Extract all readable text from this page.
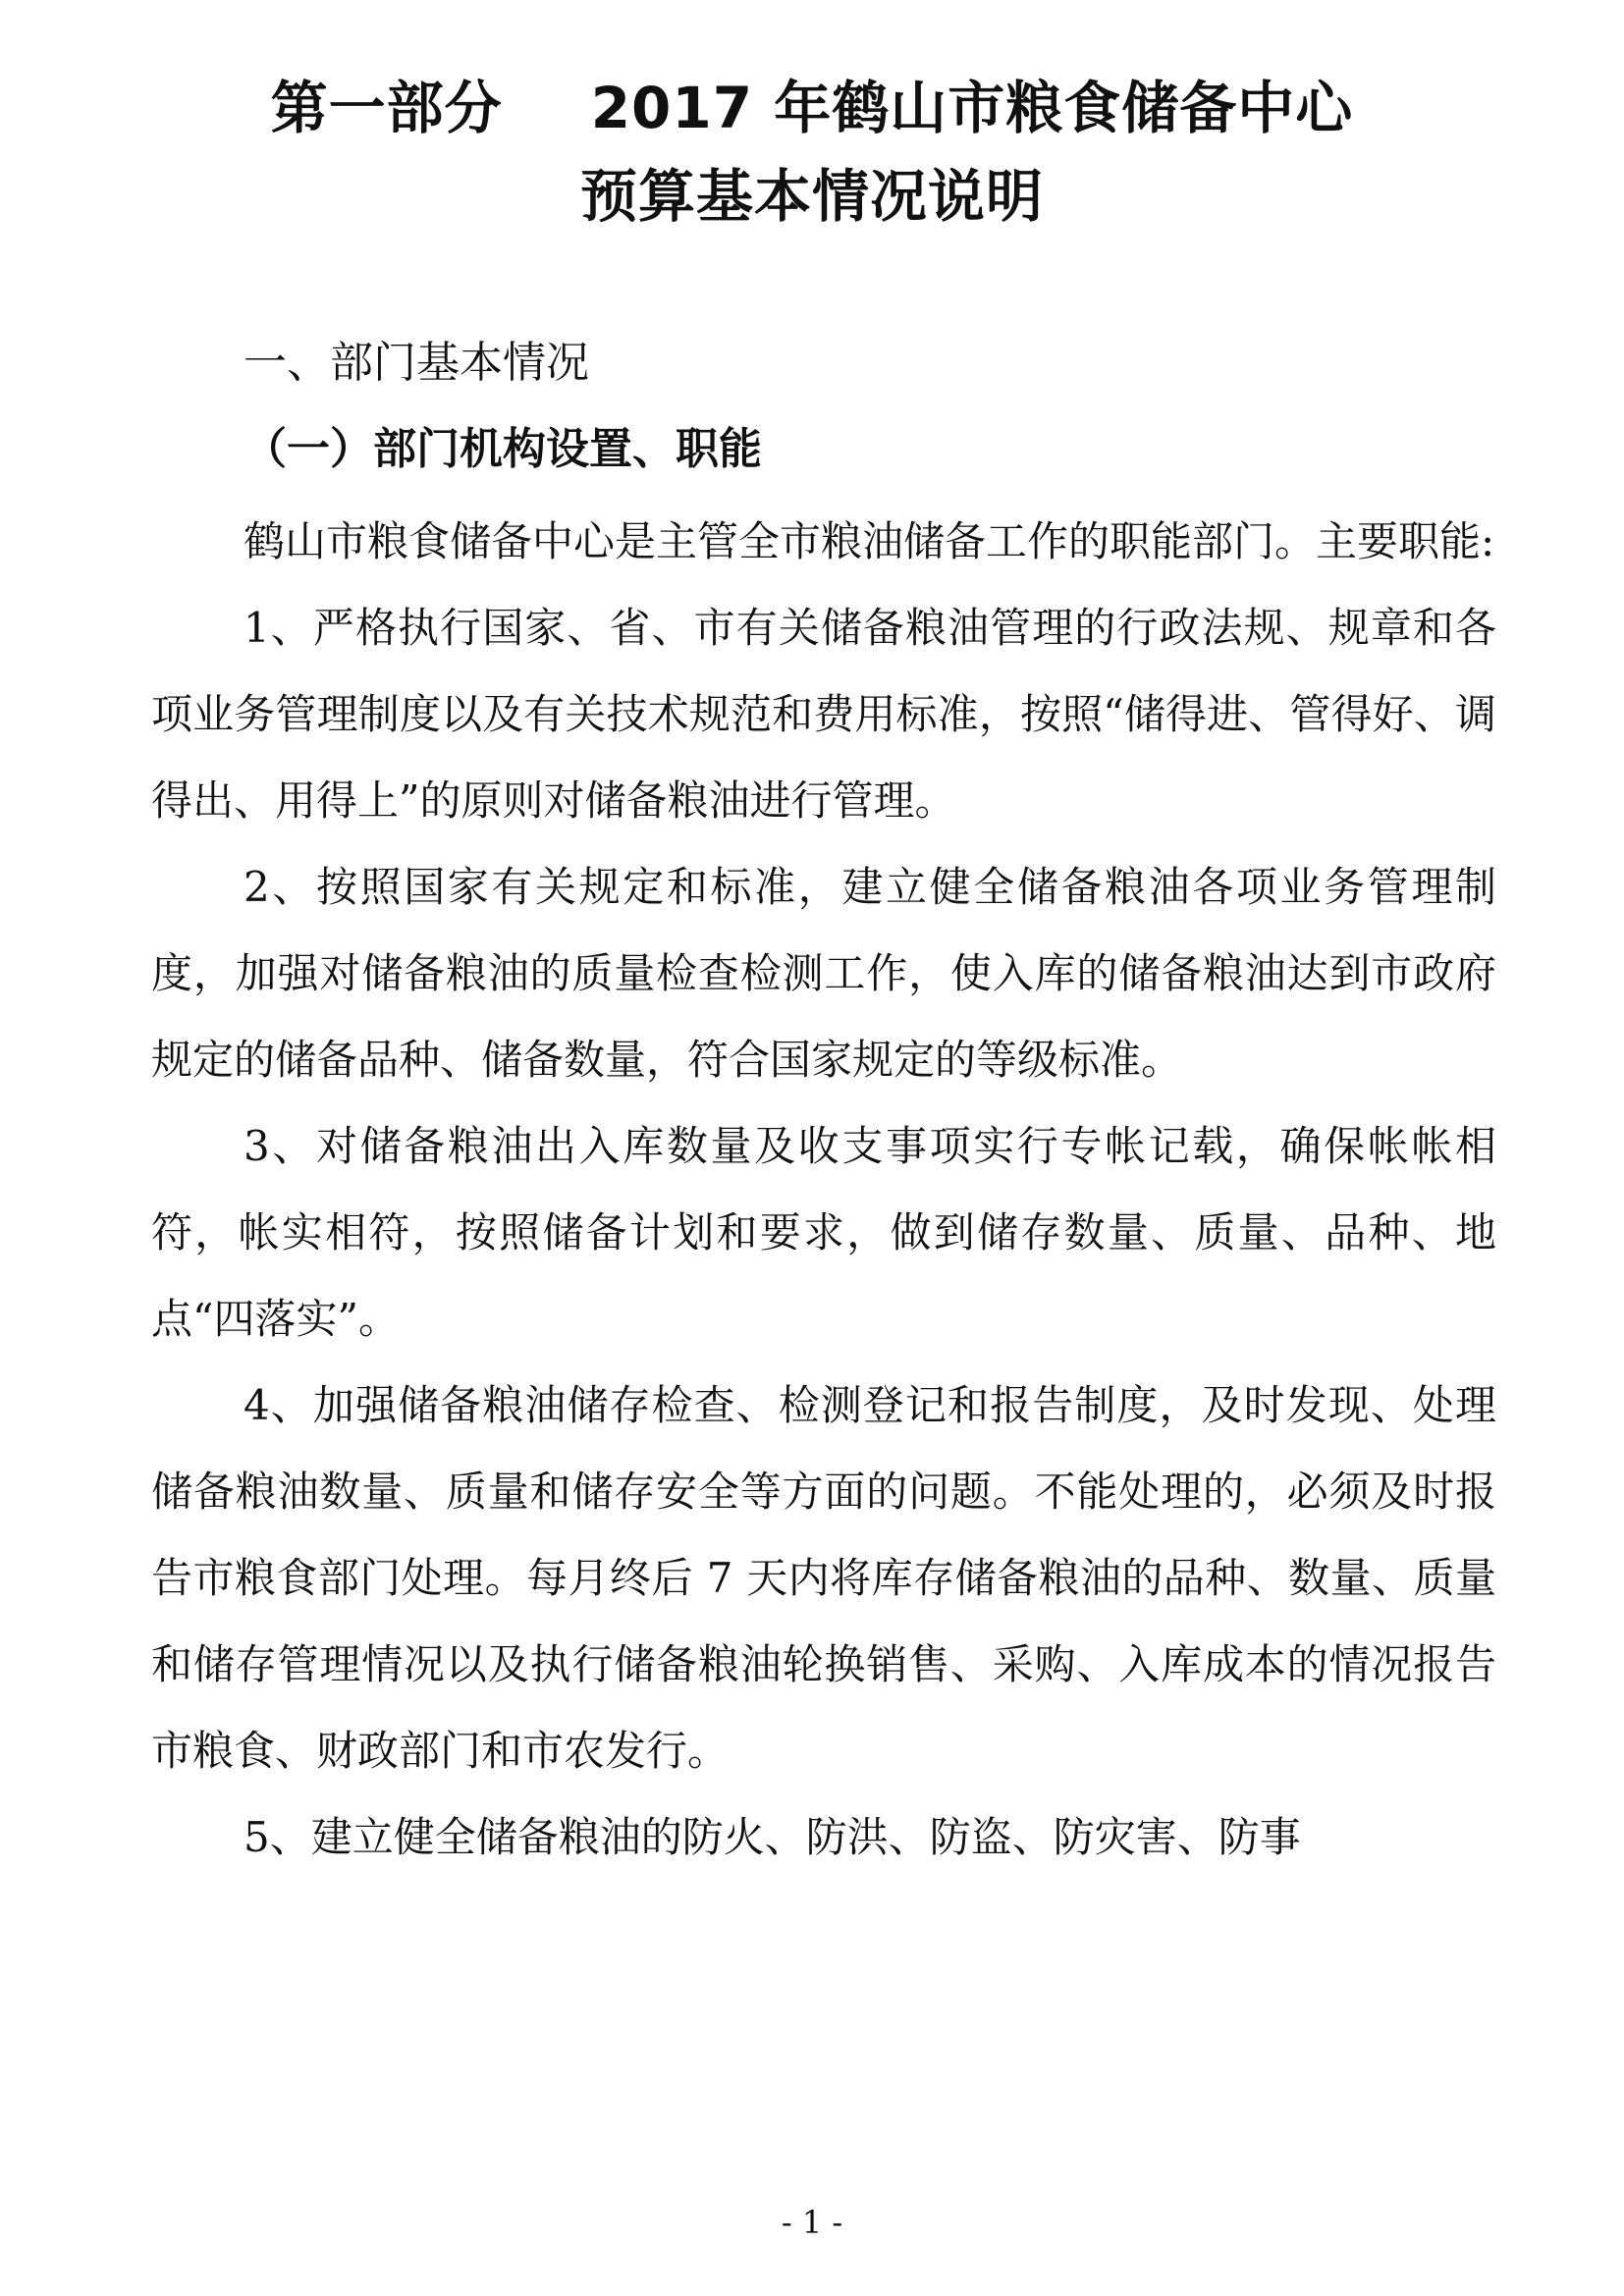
第一部分 2017 年鹤山市粮食储备中心
预算基本情况说明
一、部门基本情况
（一）部门机构设置、职能

鹤山市粮食储备中心是主管全市粮油储备工作的职能部门。主要职能:

1、严格执行国家、省、市有关储备粮油管理的行政法规、规章和各项业务管理制度以及有关技术规范和费用标准，按照“储得进、管得好、调得出、用得上”的原则对储备粮油进行管理。

2、按照国家有关规定和标准，建立健全储备粮油各项业务管理制度，加强对储备粮油的质量检查检测工作，使入库的储备粮油达到市政府规定的储备品种、储备数量，符合国家规定的等级标准。

3、对储备粮油出入库数量及收支事项实行专帐记载，确保帐帐相符，帐实相符，按照储备计划和要求，做到储存数量、质量、品种、地点“四落实”。

4、加强储备粮油储存检查、检测登记和报告制度，及时发现、处理储备粮油数量、质量和储存安全等方面的问题。不能处理的，必须及时报告市粮食部门处理。每月终后 7 天内将库存储备粮油的品种、数量、质量和储存管理情况以及执行储备粮油轮换销售、采购、入库成本的情况报告市粮食、财政部门和市农发行。

5、建立健全储备粮油的防火、防洪、防盗、防灾害、防事

- 1 -
